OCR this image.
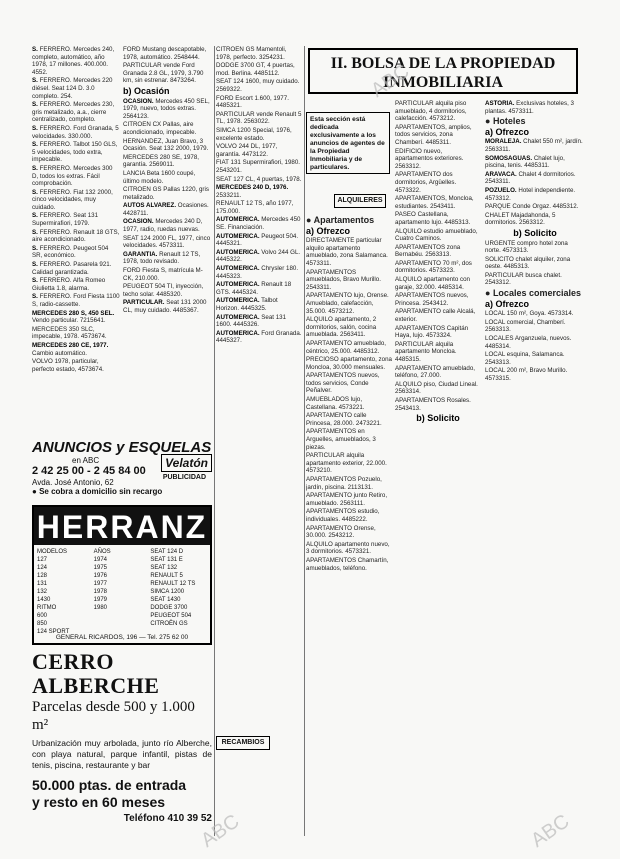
S. FERRERO. Mercedes 240, completo, automático, año 1978, 17 millones. 400.000. 4552.

S. FERRERO. Mercedes 220 diésel. Seat 124 D. 3.0 completo. 254.

S. FERRERO. Mercedes 230, gris metalizado, a.a., cierre centralizado, completo.

S. FERRERO. Ford Granada, 5 velocidades. 330.000.

S. FERRERO. Talbot 150 GLS, 5 velocidades, todo extra, impecable.

S. FERRERO. Mercedes 300 D, todos los extras. Fácil comprobación.

S. FERRERO. Fiat 132 2000, cinco velocidades, muy cuidado.

S. FERRERO. Seat 131 Supermirafiori, 1979.

S. FERRERO. Renault 18 GTS, aire acondicionado.

S. FERRERO. Peugeot 504 SR, económico.

S. FERRERO. Pasarela 921. Calidad garantizada.

S. FERRERO. Alfa Romeo Giulietta 1.8, alarma.

S. FERRERO. Ford Fiesta 1100 S, radio-cassette.

MERCEDES 280 S, 450 SEL. Vendo particular. 7215641.

MERCEDES 350 SLC, impecable, 1978. 4573674.

MERCEDES 280 CE, 1977. Cambio automático.

VOLVO 1978, particular, perfecto estado, 4573674.

FORD Mustang descapotable, 1978, automático. 2548444.

PARTICULAR vende Ford Granada 2.8 GL, 1979, 3.790 km, sin estrenar. 8473264.

b) Ocasión

OCASION. Mercedes 450 SEL, 1979, nuevo, todos extras. 2564123.

CITROEN CX Pallas, aire acondicionado, impecable.

HERNANDEZ, Juan Bravo, 3 Ocasión. Seat 132 2000, 1979.

MERCEDES 280 SE, 1978, garantía. 2569011.

LANCIA Beta 1600 coupé, último modelo.

CITROEN GS Pallas 1220, gris metalizado.

AUTOS ALVAREZ. Ocasiones. 4428711.

OCASION. Mercedes 240 D, 1977, radio, ruedas nuevas.

SEAT 124 2000 FL, 1977, cinco velocidades. 4573311.

GARANTIA. Renault 12 TS, 1978, todo revisado.

FORD Fiesta S, matrícula M-CK, 210.000.

PEUGEOT 504 TI, inyección, techo solar. 4485320.

PARTICULAR. Seat 131 2000 CL, muy cuidado. 4485367.

CITROEN GS Mamentoli, 1978, perfecto. 3254231.

DODGE 3700 GT, 4 puertas, mod. Berlina. 4485112.

SEAT 124 1600, muy cuidado. 2569322.

FORD Escort 1.600, 1977. 4485321.

PARTICULAR vende Renault 5 TL, 1978. 2563022.

SIMCA 1200 Special, 1976, excelente estado.

VOLVO 244 DL, 1977, garantía. 4473122.

FIAT 131 Supermirafiori, 1980. 2543201.

SEAT 127 CL, 4 puertas, 1978.

MERCEDES 240 D, 1976. 2533211.

RENAULT 12 TS, año 1977, 175.000.

AUTOMERICA. Mercedes 450 SE. Financiación.

AUTOMERICA. Peugeot 504. 4445321.

AUTOMERICA. Volvo 244 GL. 4445322.

AUTOMERICA. Chrysler 180. 4445323.

AUTOMERICA. Renault 18 GTS. 4445324.

AUTOMERICA. Talbot Horizon. 4445325.

AUTOMERICA. Seat 131 1600. 4445326.

AUTOMERICA. Ford Granada. 4445327.

II. BOLSA DE LA PROPIEDAD
INMOBILIARIA
Esta sección está dedicada exclusivamente a los anuncios de agentes de la Propiedad Inmobiliaria y de particulares.
ALQUILERES
● Apartamentos
a) Ofrezco

DIRECTAMENTE particular alquilo apartamento amueblado, zona Salamanca. 4573311.

APARTAMENTOS amueblados, Bravo Murillo. 2543311.

APARTAMENTO lujo, Orense. Amueblado, calefacción, 35.000. 4573212.

ALQUILO apartamento, 2 dormitorios, salón, cocina amueblada. 2563411.

APARTAMENTO amueblado, céntrico, 25.000. 4485312.

PRECIOSO apartamento, zona Moncloa, 30.000 mensuales.

APARTAMENTOS nuevos, todos servicios, Conde Peñalver.

AMUEBLADOS lujo, Castellana. 4573221.

APARTAMENTO calle Princesa, 28.000. 2473221.

APARTAMENTOS en Arguelles, amueblados, 3 piezas.

PARTICULAR alquila apartamento exterior, 22.000. 4573210.

APARTAMENTOS Pozuelo, jardín, piscina. 2113131.

APARTAMENTO junto Retiro, amueblado. 2563111.

APARTAMENTOS estudio, individuales. 4485222.

APARTAMENTO Orense, 30.000. 2543212.

ALQUILO apartamento nuevo, 3 dormitorios. 4573321.

APARTAMENTOS Chamartín, amueblados, teléfono.

PARTICULAR alquila piso amueblado, 4 dormitorios, calefacción. 4573212.

APARTAMENTOS, amplios, todos servicios, zona Chamberí. 4485311.

EDIFICIO nuevo, apartamentos exteriores. 2563312.

APARTAMENTO dos dormitorios, Argüelles. 4573322.

APARTAMENTOS, Moncloa, estudiantes. 2543411.

PASEO Castellana, apartamento lujo. 4485313.

ALQUILO estudio amueblado, Cuatro Caminos.

APARTAMENTOS zona Bernabéu. 2563313.

APARTAMENTO 70 m², dos dormitorios. 4573323.

ALQUILO apartamento con garaje, 32.000. 4485314.

APARTAMENTOS nuevos, Princesa. 2543412.

APARTAMENTO calle Alcalá, exterior.

APARTAMENTOS Capitán Haya, lujo. 4573324.

PARTICULAR alquila apartamento Moncloa. 4485315.

APARTAMENTO amueblado, teléfono, 27.000.

ALQUILO piso, Ciudad Lineal. 2563314.

APARTAMENTOS Rosales. 2543413.

b) Solicito

ASTORIA. Exclusivas hoteles, 3 plantas. 4573311.

● Hoteles
a) Ofrezco

MORALEJA. Chalet 550 m², jardín. 2563311.

SOMOSAGUAS. Chalet lujo, piscina, tenis. 4485311.

ARAVACA. Chalet 4 dormitorios. 2543311.

POZUELO. Hotel independiente. 4573312.

PARQUE Conde Orgaz. 4485312.

CHALET Majadahonda, 5 dormitorios. 2563312.

b) Solicito

URGENTE compro hotel zona norte. 4573313.

SOLICITO chalet alquiler, zona oeste. 4485313.

PARTICULAR busca chalet. 2543312.

● Locales comerciales
a) Ofrezco

LOCAL 150 m², Goya. 4573314.

LOCAL comercial, Chamberí. 2563313.

LOCALES Arganzuela, nuevos. 4485314.

LOCAL esquina, Salamanca. 2543313.

LOCAL 200 m², Bravo Murillo. 4573315.

RECAMBIOS
ANUNCIOS y ESQUELAS
en ABC
2 42 25 00 - 2 45 84 00
Avda. José Antonio, 62
● Se cobra a domicilio sin recargo
Velatón
PUBLICIDAD
HERRANZ
MODELOS
127
124
128
131
132
1430
RITMO
600
850
124 SPORT
AÑOS
1974
1975
1976
1977
1978
1979
1980
SEAT 124 D
SEAT 131 E
SEAT 132
RENAULT 5
RENAULT 12 TS
SIMCA 1200
SEAT 1430
DODGE 3700
PEUGEOT 504
CITROËN GS
GENERAL RICARDOS, 196 — Tel. 275 62 00
CERRO ALBERCHE
Parcelas desde 500 y 1.000 m²
Urbanización muy arbolada, junto río Alberche, con playa natural, parque infantil, pistas de tenis, piscina, restaurante y bar
50.000 ptas. de entrada
y resto en 60 meses
Teléfono 410 39 52
ABC
ABC	ABC
